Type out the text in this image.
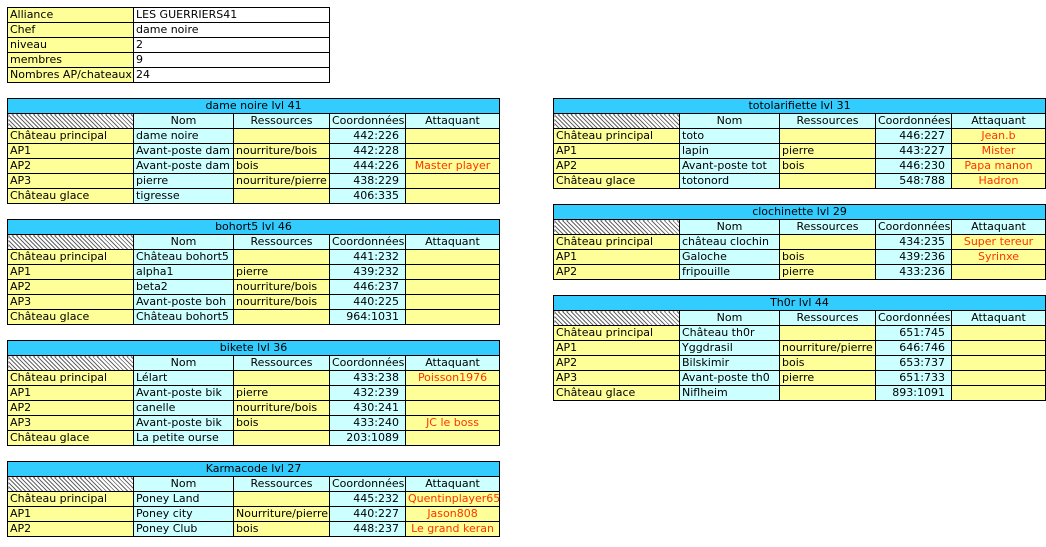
Alliance	LES GUERRIERS41
Chef	dame noire
niveau	2
membres	9
Nombres AP/chateaux	24
dame noire lvl 41				
	Nom	Ressources	Coordonnées	Attaquant
Château principal	dame noire		442:226	
AP1	Avant-poste dam	nourriture/bois	442:228	
AP2	Avant-poste dam	bois	444:226	Master player
AP3	pierre	nourriture/pierre	438:229	
Château glace	tigresse		406:335	
bohort5 lvl 46				
	Nom	Ressources	Coordonnées	Attaquant
Château principal	Château bohort5		441:232	
AP1	alpha1	pierre	439:232	
AP2	beta2	nourriture/bois	446:237	
AP3	Avant-poste boh	nourriture/bois	440:225	
Château glace	Château bohort5		964:1031	
bikete lvl 36				
	Nom	Ressources	Coordonnées	Attaquant
Château principal	Lélart		433:238	Poisson1976
AP1	Avant-poste bik	pierre	432:239	
AP2	canelle	nourriture/bois	430:241	
AP3	Avant-poste bik	bois	433:240	JC le boss
Château glace	La petite ourse		203:1089	
Karmacode lvl 27				
	Nom	Ressources	Coordonnées	Attaquant
Château principal	Poney Land		445:232	Quentinplayer65
AP1	Poney city	Nourriture/pierre	440:227	Jason808
AP2	Poney Club	bois	448:237	Le grand keran
totolarifiette lvl 31				
	Nom	Ressources	Coordonnées	Attaquant
Château principal	toto		446:227	Jean.b
AP1	lapin	pierre	443:227	Mister
AP2	Avant-poste tot	bois	446:230	Papa manon
Château glace	totonord		548:788	Hadron
clochinette lvl 29				
	Nom	Ressources	Coordonnées	Attaquant
Château principal	château clochin		434:235	Super tereur
AP1	Galoche	bois	439:236	Syrinxe
AP2	fripouille	pierre	433:236	
Th0r lvl 44				
	Nom	Ressources	Coordonnées	Attaquant
Château principal	Château th0r		651:745	
AP1	Yggdrasil	nourriture/pierre	646:746	
AP2	Bilskimir	bois	653:737	
AP3	Avant-poste th0	pierre	651:733	
Château glace	Niflheim		893:1091	
